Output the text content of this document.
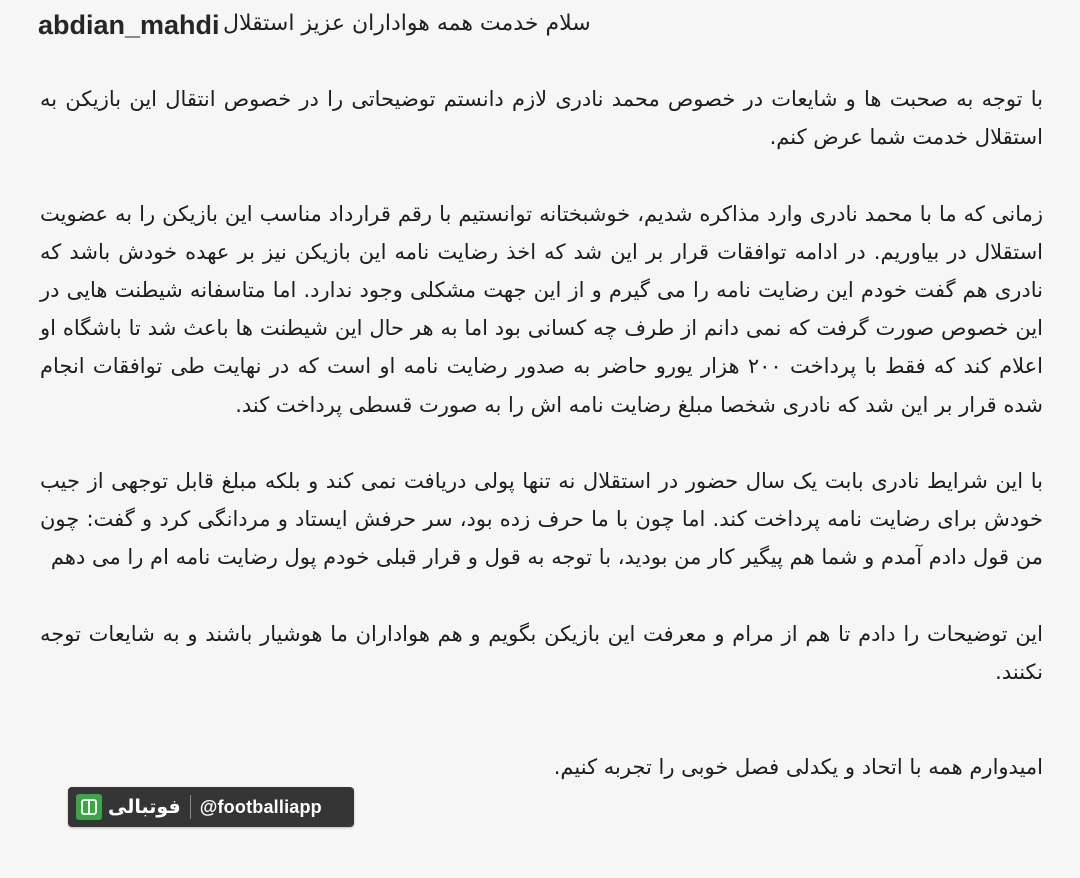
abdian_mahdi سلام خدمت همه هواداران عزیز استقلال

با توجه به صحبت ها و شایعات در خصوص محمد نادری لازم دانستم توضیحاتی را در خصوص انتقال این بازیکن به استقلال خدمت شما عرض کنم.

زمانی که ما با محمد نادری وارد مذاکره شدیم، خوشبختانه توانستیم با رقم قرارداد مناسب این بازیکن را به عضویت استقلال در بیاوریم. در ادامه توافقات قرار بر این شد که اخذ رضایت نامه این بازیکن نیز بر عهده خودش باشد که نادری هم گفت خودم این رضایت نامه را می گیرم و از این جهت مشکلی وجود ندارد. اما متاسفانه شیطنت هایی در این خصوص صورت گرفت که نمی دانم از طرف چه کسانی بود اما به هر حال این شیطنت ها باعث شد تا باشگاه او اعلام کند که فقط با پرداخت ۲۰۰ هزار یورو حاضر به صدور رضایت نامه او است که در نهایت طی توافقات انجام شده قرار بر این شد که نادری شخصا مبلغ رضایت نامه اش را به صورت قسطی پرداخت کند.

با این شرایط نادری بابت یک سال حضور در استقلال نه تنها پولی دریافت نمی کند و بلکه مبلغ قابل توجهی از جیب خودش برای رضایت نامه پرداخت کند. اما چون با ما حرف زده بود، سر حرفش ایستاد و مردانگی کرد و گفت: چون من قول دادم آمدم و شما هم پیگیر کار من بودید، با توجه به قول و قرار قبلی خودم پول رضایت نامه ام را می دهم

این توضیحات را دادم تا هم از مرام و معرفت این بازیکن بگویم و هم هواداران ما هوشیار باشند و به شایعات توجه نکنند.

امیدوارم همه با اتحاد و یکدلی فصل خوبی را تجربه کنیم.

فوتبالی @footballiapp
